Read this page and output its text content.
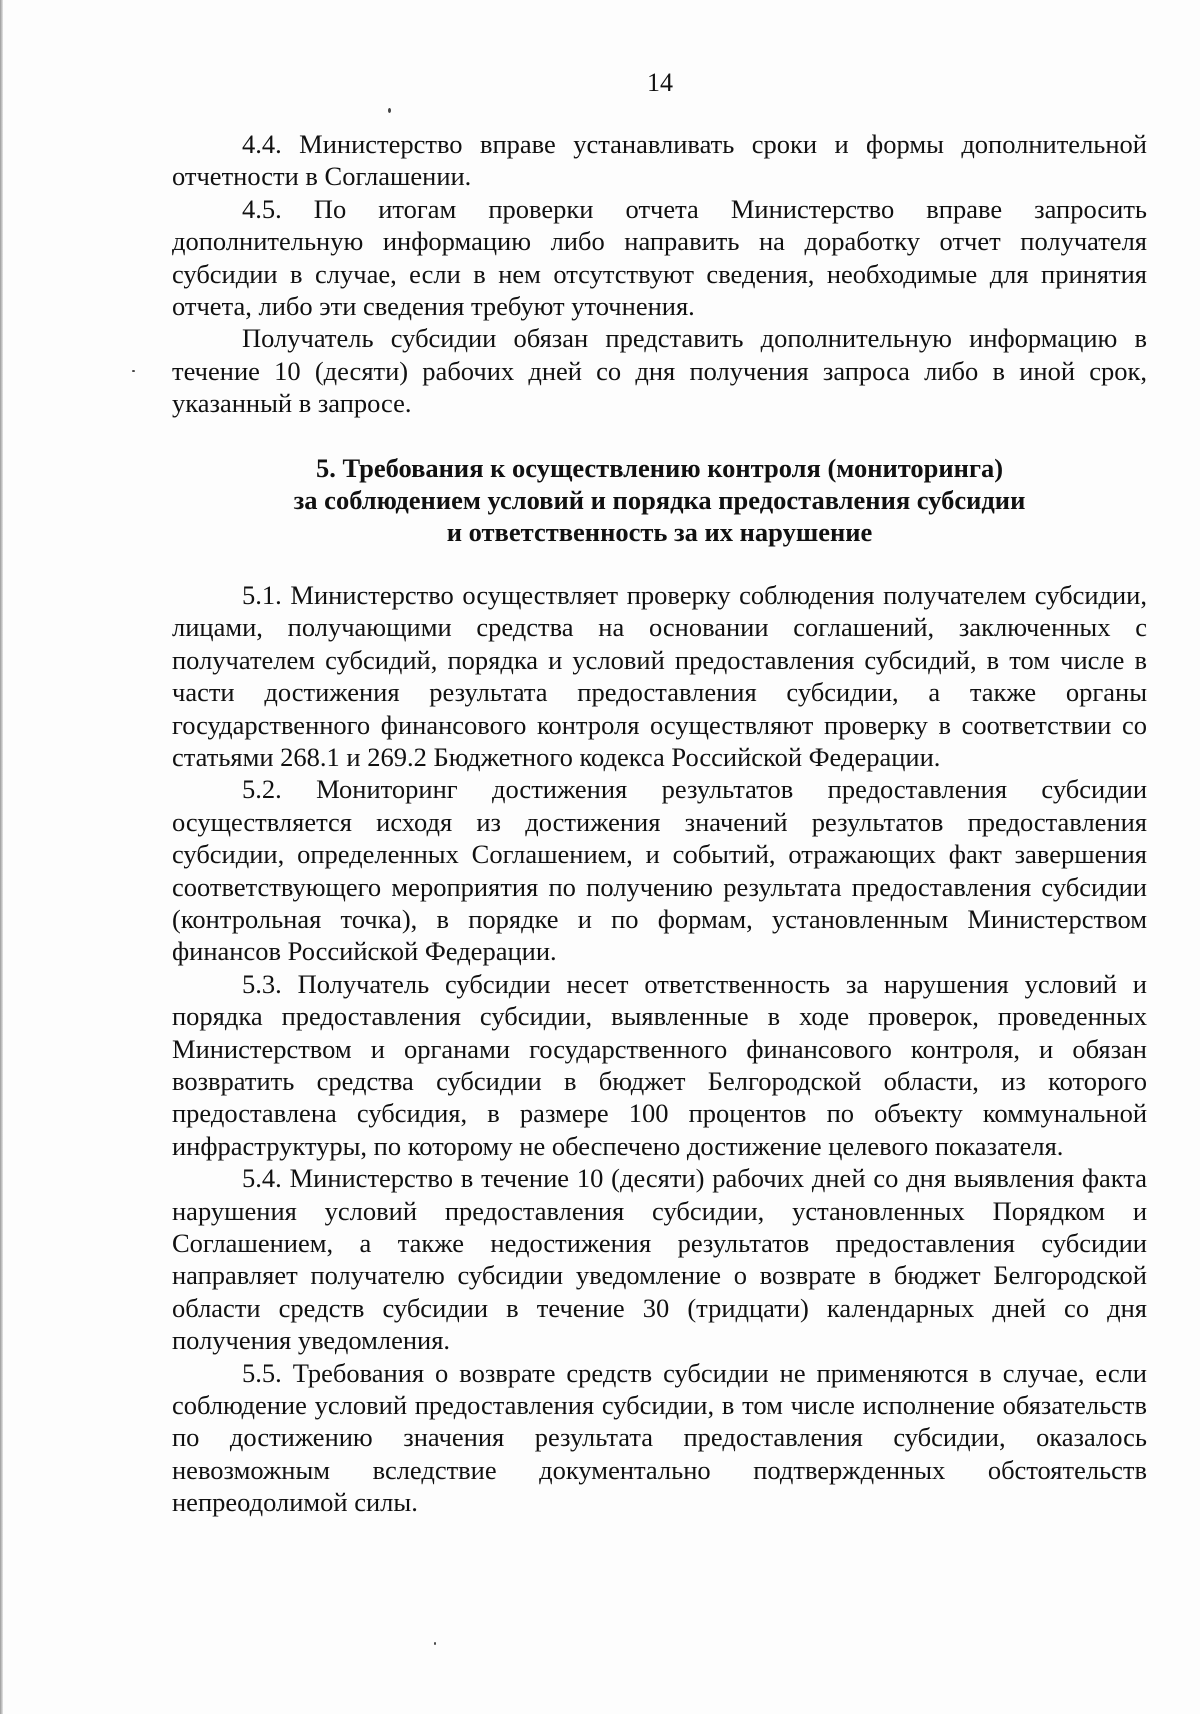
14

4.4. Министерство вправе устанавливать сроки и формы дополнительной отчетности в Соглашении.

4.5. По итогам проверки отчета Министерство вправе запросить дополнительную информацию либо направить на доработку отчет получателя субсидии в случае, если в нем отсутствуют сведения, необходимые для принятия отчета, либо эти сведения требуют уточнения.

Получатель субсидии обязан представить дополнительную информацию в течение 10 (десяти) рабочих дней со дня получения запроса либо в иной срок, указанный в запросе.

5. Требования к осуществлению контроля (мониторинга)
за соблюдением условий и порядка предоставления субсидии
и ответственность за их нарушение

5.1. Министерство осуществляет проверку соблюдения получателем субсидии, лицами, получающими средства на основании соглашений, заключенных с получателем субсидий, порядка и условий предоставления субсидий, в том числе в части достижения результата предоставления субсидии, а также органы государственного финансового контроля осуществляют проверку в соответствии со статьями 268.1 и 269.2 Бюджетного кодекса Российской Федерации.

5.2. Мониторинг достижения результатов предоставления субсидии осуществляется исходя из достижения значений результатов предоставления субсидии, определенных Соглашением, и событий, отражающих факт завершения соответствующего мероприятия по получению результата предоставления субсидии (контрольная точка), в порядке и по формам, установленным Министерством финансов Российской Федерации.

5.3. Получатель субсидии несет ответственность за нарушения условий и порядка предоставления субсидии, выявленные в ходе проверок, проведенных Министерством и органами государственного финансового контроля, и обязан возвратить средства субсидии в бюджет Белгородской области, из которого предоставлена субсидия, в размере 100 процентов по объекту коммунальной инфраструктуры, по которому не обеспечено достижение целевого показателя.

5.4. Министерство в течение 10 (десяти) рабочих дней со дня выявления факта нарушения условий предоставления субсидии, установленных Порядком и Соглашением, а также недостижения результатов предоставления субсидии направляет получателю субсидии уведомление о возврате в бюджет Белгородской области средств субсидии в течение 30 (тридцати) календарных дней со дня получения уведомления.

5.5. Требования о возврате средств субсидии не применяются в случае, если соблюдение условий предоставления субсидии, в том числе исполнение обязательств по достижению значения результата предоставления субсидии, оказалось невозможным вследствие документально подтвержденных обстоятельств непреодолимой силы.
